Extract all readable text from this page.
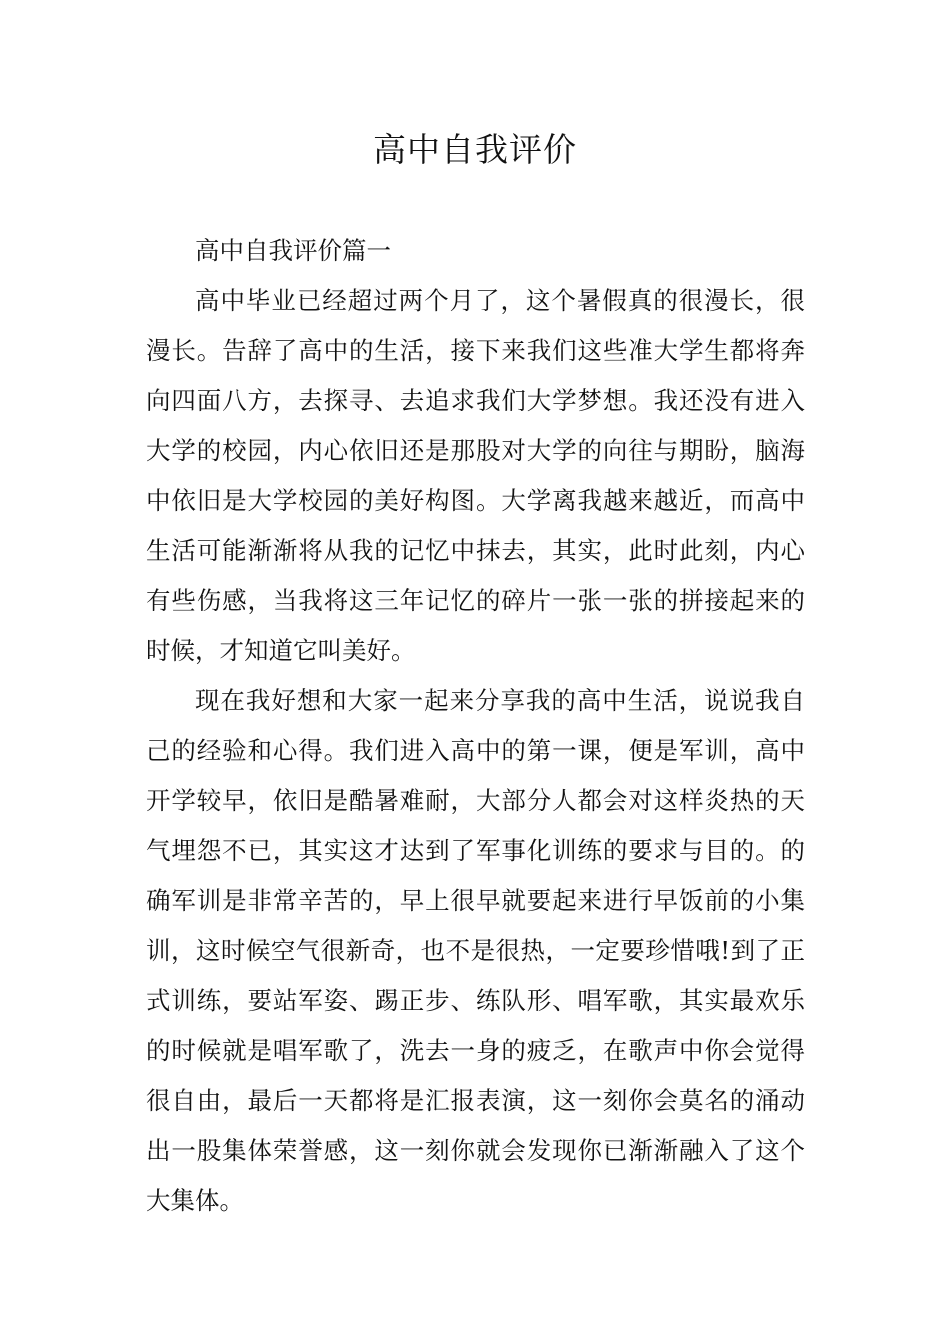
高中自我评价

高中自我评价篇一

高中毕业已经超过两个月了，这个暑假真的很漫长，很漫长。告辞了高中的生活，接下来我们这些准大学生都将奔向四面八方，去探寻、去追求我们大学梦想。我还没有进入大学的校园，内心依旧还是那股对大学的向往与期盼，脑海中依旧是大学校园的美好构图。大学离我越来越近，而高中生活可能渐渐将从我的记忆中抹去，其实，此时此刻，内心有些伤感，当我将这三年记忆的碎片一张一张的拼接起来的时候，才知道它叫美好。

现在我好想和大家一起来分享我的高中生活，说说我自己的经验和心得。我们进入高中的第一课，便是军训，高中开学较早，依旧是酷暑难耐，大部分人都会对这样炎热的天气埋怨不已，其实这才达到了军事化训练的要求与目的。的确军训是非常辛苦的，早上很早就要起来进行早饭前的小集训，这时候空气很新奇，也不是很热，一定要珍惜哦!到了正式训练，要站军姿、踢正步、练队形、唱军歌，其实最欢乐的时候就是唱军歌了，洗去一身的疲乏，在歌声中你会觉得很自由，最后一天都将是汇报表演，这一刻你会莫名的涌动出一股集体荣誉感，这一刻你就会发现你已渐渐融入了这个大集体。
